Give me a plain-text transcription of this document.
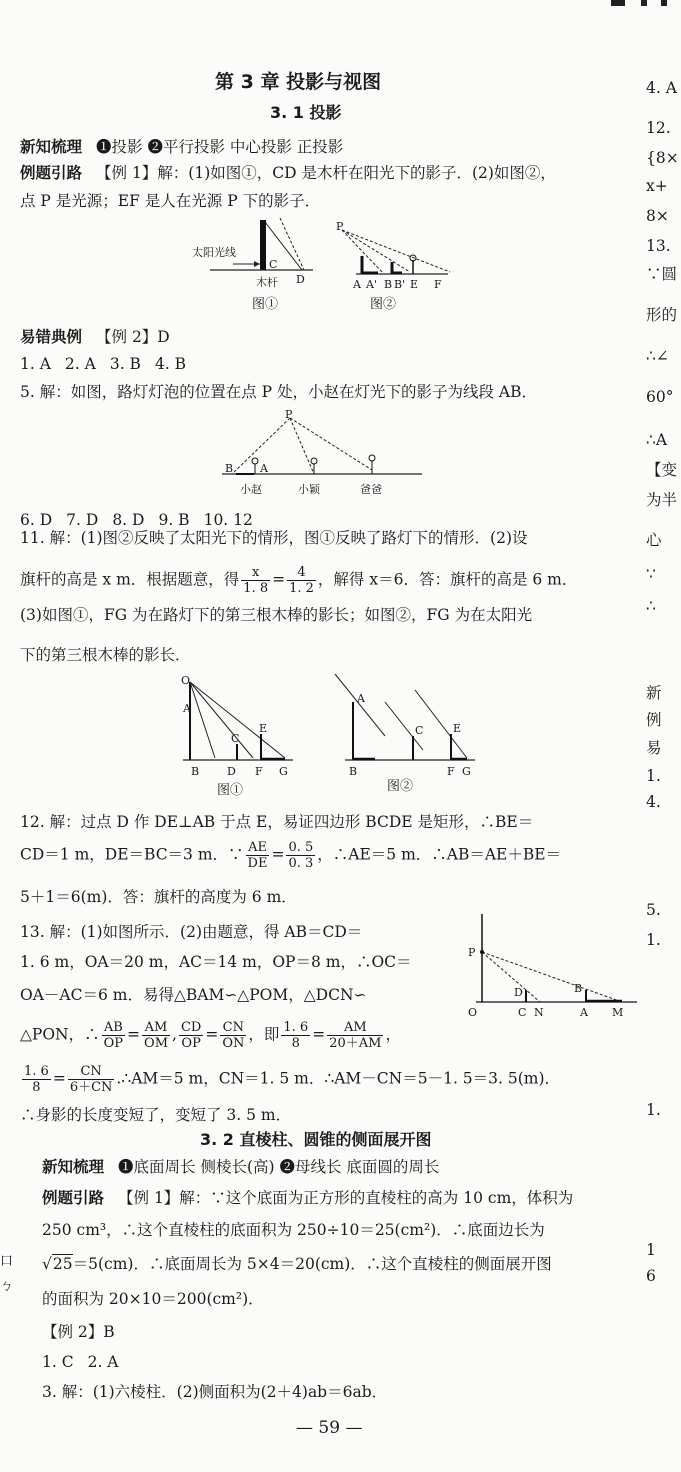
第 3 章 投影与视图
3. 1 投影
新知梳理 ❶投影 ❷平行投影 中心投影 正投影
例题引路 【例 1】解：(1)如图①，CD 是木杆在阳光下的影子．(2)如图②，
点 P 是光源；EF 是人在光源 P 下的影子．
太阳光线
C
D
木杆
图①
P
A A' B B' E F
图②
易错典例 【例 2】D
1. A 2. A 3. B 4. B
5. 解：如图，路灯灯泡的位置在点 P 处，小赵在灯光下的影子为线段 AB．
P
B A
小赵	小颖	爸爸
6. D 7. D 8. D 9. B 10. 12
11. 解：(1)图②反映了太阳光下的情形，图①反映了路灯下的情形．(2)设
旗杆的高是 x m．根据题意，得 $\frac{x}{1. 8} = \frac{4}{1. 2}$ ，解得 x＝6．答：旗杆的高是 6 m．
(3)如图①，FG 为在路灯下的第三根木棒的影长；如图②，FG 为在太阳光
下的第三根木棒的影长．
O
A
C
E
B	D F G
图①
A
C	E
B	F G
图②
12. 解：过点 D 作 DE⊥AB 于点 E，易证四边形 BCDE 是矩形，∴BE＝
CD＝1 m，DE＝BC＝3 m．∵ $\frac{AE}{DE} = \frac{0. 5}{0. 3}$ ，∴AE＝5 m．∴AB＝AE＋BE＝
5＋1＝6(m)．答：旗杆的高度为 6 m．
13. 解：(1)如图所示．(2)由题意，得 AB＝CD＝
1. 6 m，OA＝20 m，AC＝14 m，OP＝8 m，∴OC＝
OA－AC＝6 m．易得△BAM∽△POM，△DCN∽
△PON，∴ $\frac{AB}{OP} = \frac{AM}{OM}$ , $\frac{CD}{OP} = \frac{CN}{ON}$ ，即 $\frac{1. 6}{8} = \frac{AM}{20+AM}$ ，
$\frac{1. 6}{8} = \frac{CN}{6+CN}$ .∴AM＝5 m，CN＝1. 5 m．∴AM－CN＝5－1. 5＝3. 5(m)．
∴身影的长度变短了，变短了 3. 5 m．
P
O
D
C N
B
A M
3. 2 直棱柱、圆锥的侧面展开图
新知梳理 ❶底面周长 侧棱长(高) ❷母线长 底面圆的周长
例题引路 【例 1】解：∵这个底面为正方形的直棱柱的高为 10 cm，体积为
250 cm³，∴这个直棱柱的底面积为 250÷10＝25(cm²)．∴底面边长为
√25＝5(cm)．∴底面周长为 5×4＝20(cm)．∴这个直棱柱的侧面展开图
的面积为 20×10＝200(cm²)．
【例 2】B
1. C 2. A
3. 解：(1)六棱柱．(2)侧面积为(2＋4)ab＝6ab．
— 59 —
4. A
12.
{8×
x+
8×
13.
∵圆
形的
∴∠
60°
∴A
【变
为半
心
∵
∴
新
例
易
1.
4.
5.
1.
1.
1
6
口
ㄅ
